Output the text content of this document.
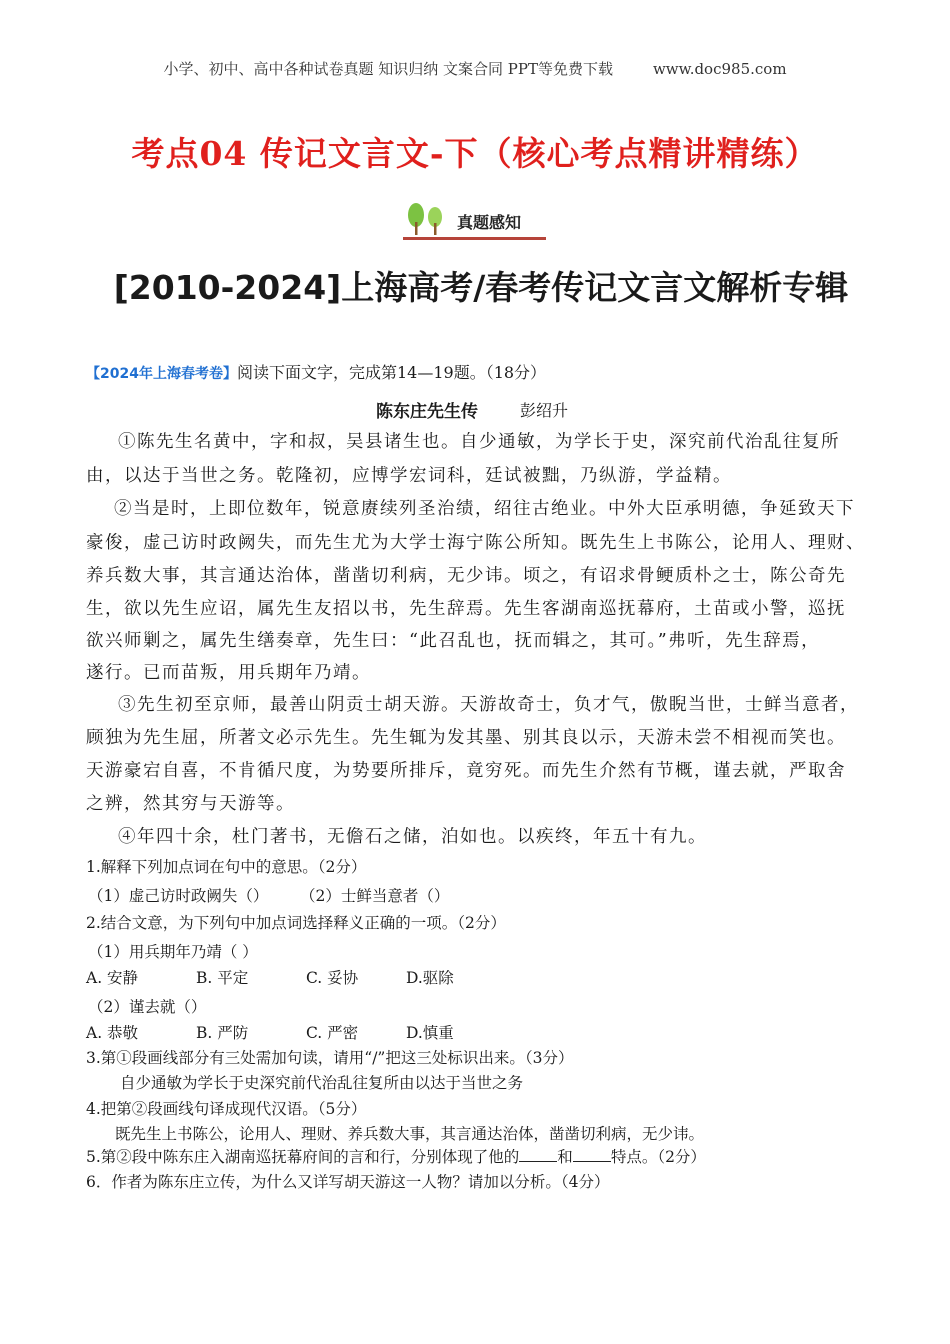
小学、初中、高中各种试卷真题 知识归纳 文案合同 PPT等免费下载	www.doc985.com
考点04 传记文言文-下（核心考点精讲精练）
真题感知
[2010-2024]上海高考/春考传记文言文解析专辑
【2024年上海春考卷】阅读下面文字，完成第14—19题。（18分）
陈东庄先生传	彭绍升
①陈先生名黄中，字和叔，吴县诸生也。自少通敏，为学长于史，深究前代治乱往复所
由，以达于当世之务。乾隆初，应博学宏词科，廷试被黜，乃纵游，学益精。
②当是时，上即位数年，锐意赓续列圣治绩，绍往古绝业。中外大臣承明德，争延致天下
豪俊，虚己访时政阙失，而先生尤为大学士海宁陈公所知。既先生上书陈公，论用人、理财、
养兵数大事，其言通达治体，凿凿切利病，无少讳。顷之，有诏求骨鲠质朴之士，陈公奇先
生，欲以先生应诏，属先生友招以书，先生辞焉。先生客湖南巡抚幕府，土苗或小警，巡抚
欲兴师剿之，属先生缮奏章，先生曰：“此召乱也，抚而辑之，其可。”弗听，先生辞焉，
遂行。已而苗叛，用兵期年乃靖。
③先生初至京师，最善山阴贡士胡天游。天游故奇士，负才气，傲睨当世，士鲜当意者，
顾独为先生屈，所著文必示先生。先生辄为发其墨、别其良以示，天游未尝不相视而笑也。
天游豪宕自喜，不肯循尺度，为势要所排斥，竟穷死。而先生介然有节概，谨去就，严取舍
之辨，然其穷与天游等。
④年四十余，杜门著书，无儋石之储，泊如也。以疾终，年五十有九。
1.解释下列加点词在句中的意思。（2分）
（1）虚己访时政阙失（） （2）士鲜当意者（）
2.结合文意，为下列句中加点词选择释义正确的一项。（2分）
（1）用兵期年乃靖（ ）
A. 安静	B. 平定	C. 妥协	D.驱除
（2）谨去就（）
A. 恭敬	B. 严防	C. 严密	D.慎重
3.第①段画线部分有三处需加句读，请用“/”把这三处标识出来。（3分）
自少通敏为学长于史深究前代治乱往复所由以达于当世之务
4.把第②段画线句译成现代汉语。（5分）
既先生上书陈公，论用人、理财、养兵数大事，其言通达治体，凿凿切利病，无少讳。
5.第②段中陈东庄入湖南巡抚幕府间的言和行，分别体现了他的 和 特点。（2分）
6．作者为陈东庄立传，为什么又详写胡天游这一人物？请加以分析。（4分）
